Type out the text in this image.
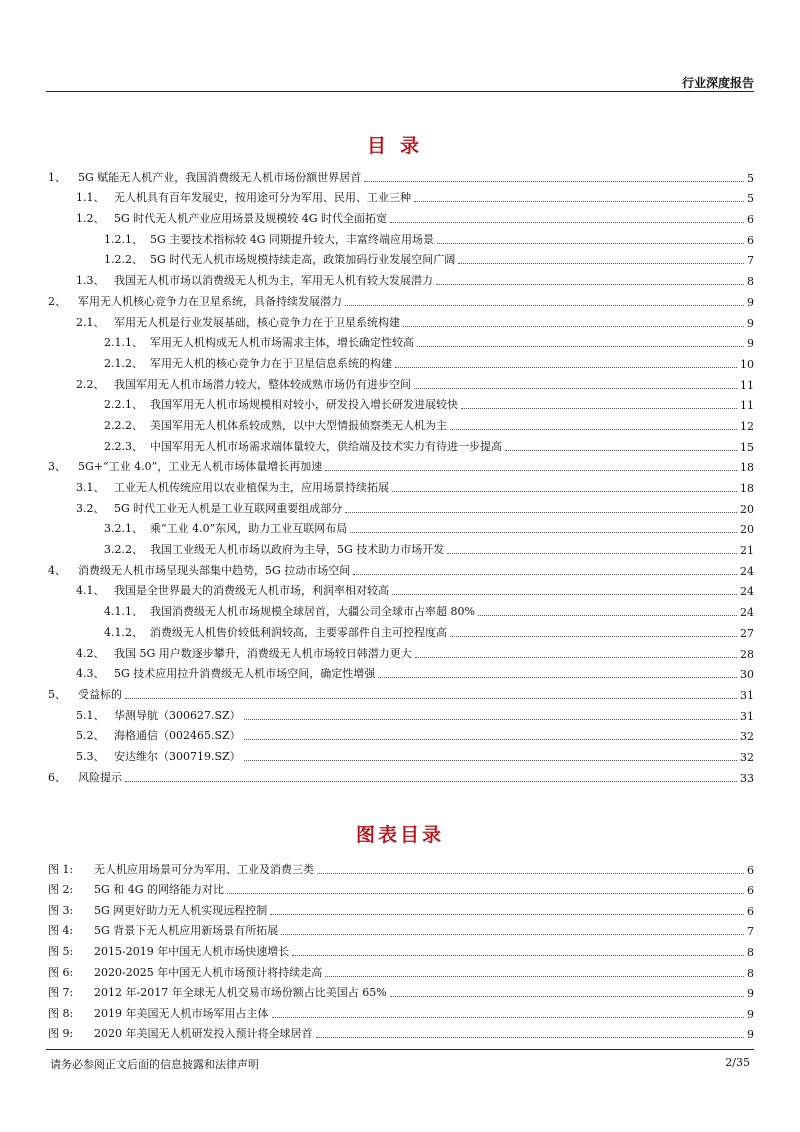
行业深度报告
目录
1、	5G 赋能无人机产业，我国消费级无人机市场份额世界居首	5
1.1、 无人机具有百年发展史，按用途可分为军用、民用、工业三种	5
1.2、 5G 时代无人机产业应用场景及规模较 4G 时代全面拓宽	6
1.2.1、 5G 主要技术指标较 4G 同期提升较大，丰富终端应用场景	6
1.2.2、 5G 时代无人机市场规模持续走高，政策加码行业发展空间广阔	7
1.3、 我国无人机市场以消费级无人机为主，军用无人机有较大发展潜力	8
2、	军用无人机核心竞争力在卫星系统，具备持续发展潜力	9
2.1、 军用无人机是行业发展基础，核心竞争力在于卫星系统构建	9
2.1.1、 军用无人机构成无人机市场需求主体，增长确定性较高	9
2.1.2、 军用无人机的核心竞争力在于卫星信息系统的构建	10
2.2、 我国军用无人机市场潜力较大，整体较成熟市场仍有进步空间	11
2.2.1、 我国军用无人机市场规模相对较小，研发投入增长研发进展较快	11
2.2.2、 美国军用无人机体系较成熟，以中大型情报侦察类无人机为主	12
2.2.3、 中国军用无人机市场需求端体量较大，供给端及技术实力有待进一步提高	15
3、	5G+“工业 4.0”，工业无人机市场体量增长再加速	18
3.1、 工业无人机传统应用以农业植保为主，应用场景持续拓展	18
3.2、 5G 时代工业无人机是工业互联网重要组成部分	20
3.2.1、 乘“工业 4.0”东风，助力工业互联网布局	20
3.2.2、 我国工业级无人机市场以政府为主导，5G 技术助力市场开发	21
4、	消费级无人机市场呈现头部集中趋势，5G 拉动市场空间	24
4.1、 我国是全世界最大的消费级无人机市场，利润率相对较高	24
4.1.1、 我国消费级无人机市场规模全球居首，大疆公司全球市占率超 80%	24
4.1.2、 消费级无人机售价较低利润较高，主要零部件自主可控程度高	27
4.2、 我国 5G 用户数逐步攀升，消费级无人机市场较日韩潜力更大	28
4.3、 5G 技术应用拉升消费级无人机市场空间，确定性增强	30
5、	受益标的	31
5.1、 华测导航（300627.SZ）	31
5.2、 海格通信（002465.SZ）	32
5.3、 安达维尔（300719.SZ）	32
6、	风险提示	33
图表目录
图 1:	无人机应用场景可分为军用、工业及消费三类	6
图 2:	5G 和 4G 的网络能力对比	6
图 3:	5G 网更好助力无人机实现远程控制	6
图 4:	5G 背景下无人机应用新场景有所拓展	7
图 5:	2015-2019 年中国无人机市场快速增长	8
图 6:	2020-2025 年中国无人机市场预计将持续走高	8
图 7:	2012 年-2017 年全球无人机交易市场份额占比美国占 65%	9
图 8:	2019 年美国无人机市场军用占主体	9
图 9:	2020 年美国无人机研发投入预计将全球居首	9
请务必参阅正文后面的信息披露和法律声明	2/35
